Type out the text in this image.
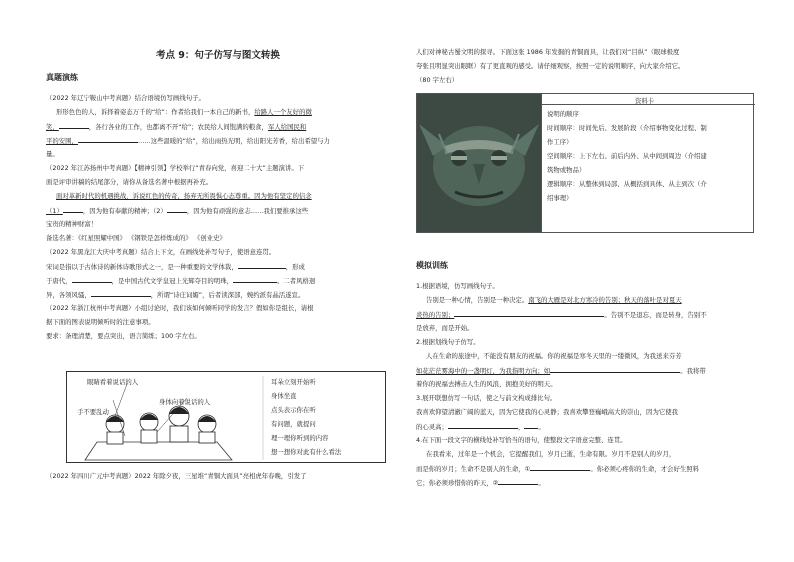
考点 9：句子仿写与图文转换
真题演练
（2022 年辽宁鞍山中考真题）结合语境仿写画线句子。
形形色色的人，诉择着姿态万千的“给”：作者给我们一本自己的新书，给路人一个友好的微
笑，	，各行各业的工作，也都离不开“给”；农民给人间饱满的粮食，军人给国民和
平的安围，	……这些温暖的“给”，给出雨热光明，给出阳光芳香，给出希望与力
量。
（2022 年江苏扬州中考真题）【精神引领】学校举行“青春向党，喜迎二十大”主题演讲。下
面是评审讲稿的结尾部分，请你从备选名著中根据再补充。
面对革新时代的机遇挑战，诉说红色的传奇，扬弃无所畏惧心态尊重。因为他有坚定的信念
（1）	，因为他有奉献的精神；（2）	，因为他有顽强的意志……我们要推承这些
宝贵的精神财富！
备选名著：《红星照耀中国》 《钢铁是怎样炼成的》 《创业史》
（2022 年黑龙江大庆中考真题）结合上下文，在画线处补写句子，使语意连贯。
宋词是指以于古体诗的新体诗歌形式之一，是一种重要的文学体裁，	，形成
于唐代，	，是中国古代文学皇冠上光辉夺目的明珠，	。二者风格迥
异，各领风骚，	，所谓“诗庄词媚”，后者读深部，婉约派有晶活遂宣。
（2022 年浙江杭州中考真题）小组讨论时，我们该如何倾听同学的发言？假如你是组长，请根
据下面的图表说明倾听时的注意事项。
要求：条理清楚，要点突出，语言简练；100 字左右。
眼睛看着说话的人
手不要乱动
身体向着说话的人
耳朵立刻开始听
身体坐直
点头表示你在听
有问题，就提问
理一理你听到的内容
想一想你对此有什么看法
（2022 年四川广元中考真题）2022 年除夕夜，三星堆“青铜大面具”亮相虎年春晚，引发了
人们对神秘古蜀文明的探寻。下面这张 1986 年发掘的青铜面具，让我们对“目纵”（眼球极度
夸张且明显突出眼眶）有了更直观的感受。请仔细观察，按照一定的说明顺序，向大家介绍它。
（80 字左右）
资料卡
说明的顺序
时间顺序：时间先后、发展阶段（介绍事物变化过程、制
作工序）
空间顺序：上下左右、前后内外、从中间到周边（介绍建
筑物或物品）
逻辑顺序：从整体到局部、从概括到具体、从主到次（介
绍事理）
模拟训练
1.根据语境，仿写画线句子。
告别是一种心情，告别是一种决定。南飞的大雁是对北方寒冷的告别；秋天的落叶是对夏天
炎热的告别；	。告别不是退忘，而是转身，告别不
是放弃，而是开始。
2.根据划线句子仿写。
人在生命的旅途中，不能没有朋友的祝福。你的祝福是寒冬天里的一缕微风，为我送来芬芳
如花茫茫雾海中的一盏明灯，为我指明方向；如	。我将带
着你的祝福去搏击人生的风浪，拥抱美好的明天。
3.展开联想仿写一句话，使之与前文构成排比句。
我喜欢仰望清澈广阔的蓝天，因为它使我的心灵静；我喜欢攀登巍峨高大的崇山，因为它使我
的心灵高；	， 。
4.在下面一段文字的横线处补写恰当的语句，使整段文字语意完整、连贯。
在我看来，过年是一个机会，它提醒我们，岁月已逝，生命有限。岁月不是别人的岁月，
而是你的岁月；生命不是别人的生命，①	。你必须心疼你的生命，才会好生照料
它；你必须珍惜你的昨天，②	。
